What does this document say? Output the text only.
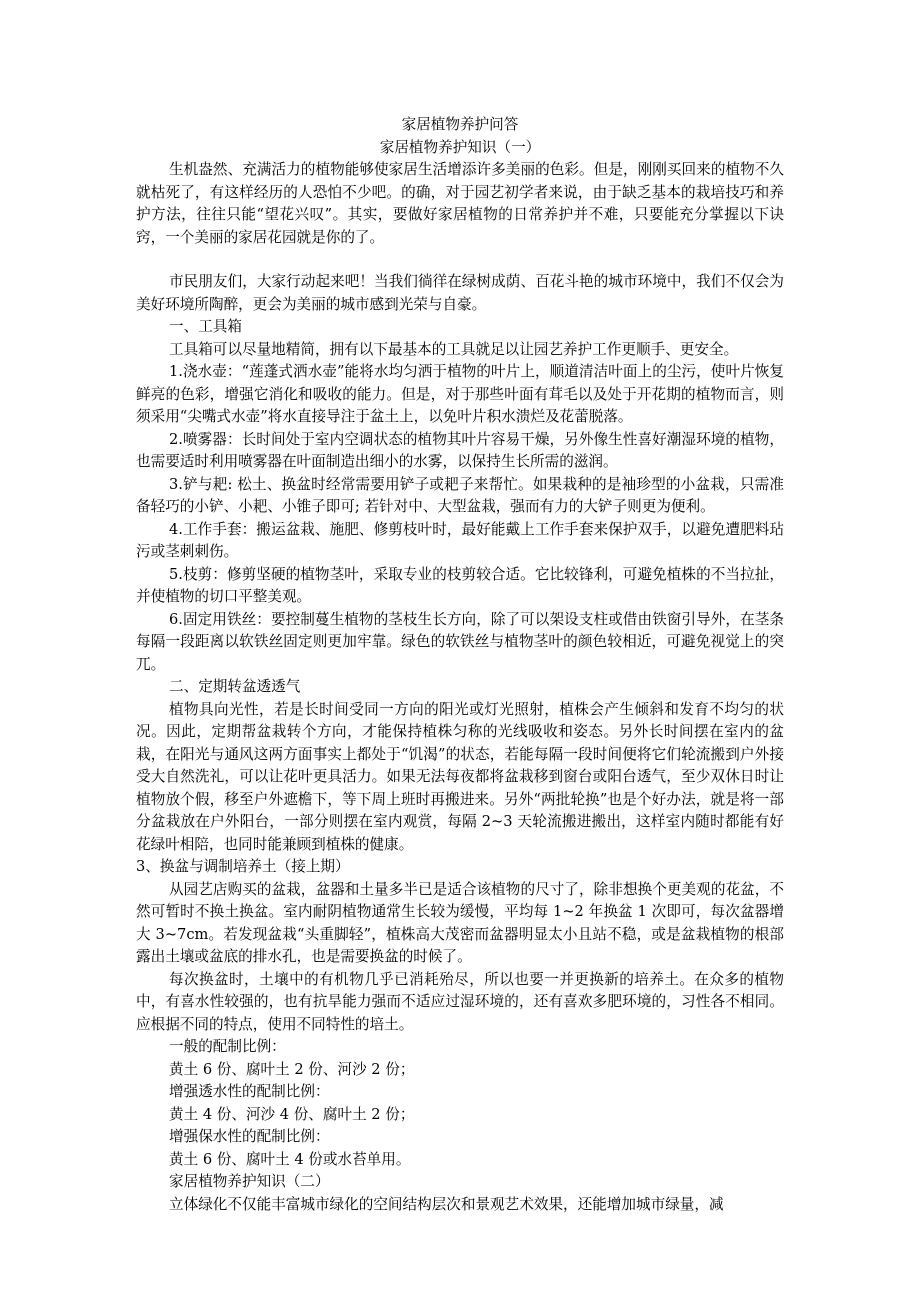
家居植物养护问答

家居植物养护知识（一）

生机盎然、充满活力的植物能够使家居生活增添许多美丽的色彩。但是，刚刚买回来的植物不久就枯死了，有这样经历的人恐怕不少吧。的确，对于园艺初学者来说，由于缺乏基本的栽培技巧和养护方法，往往只能“望花兴叹”。其实，要做好家居植物的日常养护并不难，只要能充分掌握以下诀窍，一个美丽的家居花园就是你的了。

市民朋友们，大家行动起来吧！当我们徜徉在绿树成荫、百花斗艳的城市环境中，我们不仅会为美好环境所陶醉，更会为美丽的城市感到光荣与自豪。

一、工具箱

工具箱可以尽量地精简，拥有以下最基本的工具就足以让园艺养护工作更顺手、更安全。

1.浇水壶：“莲蓬式洒水壶”能将水均匀洒于植物的叶片上，顺道清洁叶面上的尘污，使叶片恢复鲜亮的色彩，增强它消化和吸收的能力。但是，对于那些叶面有茸毛以及处于开花期的植物而言，则须采用“尖嘴式水壶”将水直接导注于盆土上，以免叶片积水溃烂及花蕾脱落。

2.喷雾器：长时间处于室内空调状态的植物其叶片容易干燥，另外像生性喜好潮湿环境的植物，也需要适时利用喷雾器在叶面制造出细小的水雾，以保持生长所需的滋润。

3.铲与耙: 松土、换盆时经常需要用铲子或耙子来帮忙。如果栽种的是袖珍型的小盆栽，只需准备轻巧的小铲、小耙、小锥子即可; 若针对中、大型盆栽，强而有力的大铲子则更为便利。

4.工作手套：搬运盆栽、施肥、修剪枝叶时，最好能戴上工作手套来保护双手，以避免遭肥料玷污或茎刺刺伤。

5.枝剪：修剪坚硬的植物茎叶，采取专业的枝剪较合适。它比较锋利，可避免植株的不当拉扯，并使植物的切口平整美观。

6.固定用铁丝：要控制蔓生植物的茎枝生长方向，除了可以架设支柱或借由铁窗引导外，在茎条每隔一段距离以软铁丝固定则更加牢靠。绿色的软铁丝与植物茎叶的颜色较相近，可避免视觉上的突兀。

二、定期转盆透透气

植物具向光性，若是长时间受同一方向的阳光或灯光照射，植株会产生倾斜和发育不均匀的状况。因此，定期帮盆栽转个方向，才能保持植株匀称的光线吸收和姿态。另外长时间摆在室内的盆栽，在阳光与通风这两方面事实上都处于“饥渴”的状态，若能每隔一段时间便将它们轮流搬到户外接受大自然洗礼，可以让花叶更具活力。如果无法每夜都将盆栽移到窗台或阳台透气，至少双休日时让植物放个假，移至户外遮檐下，等下周上班时再搬进来。另外“两批轮换”也是个好办法，就是将一部分盆栽放在户外阳台，一部分则摆在室内观赏，每隔 2~3 天轮流搬进搬出，这样室内随时都能有好花绿叶相陪，也同时能兼顾到植株的健康。

3、换盆与调制培养土（接上期）

从园艺店购买的盆栽，盆器和土量多半已是适合该植物的尺寸了，除非想换个更美观的花盆，不然可暂时不换土换盆。室内耐阴植物通常生长较为缓慢，平均每 1~2 年换盆 1 次即可，每次盆器增大 3~7cm。若发现盆栽“头重脚轻”，植株高大茂密而盆器明显太小且站不稳，或是盆栽植物的根部露出土壤或盆底的排水孔，也是需要换盆的时候了。

每次换盆时，土壤中的有机物几乎已消耗殆尽，所以也要一并更换新的培养土。在众多的植物中，有喜水性较强的，也有抗旱能力强而不适应过湿环境的，还有喜欢多肥环境的，习性各不相同。应根据不同的特点，使用不同特性的培土。

一般的配制比例：

黄土 6 份、腐叶土 2 份、河沙 2 份；

增强透水性的配制比例：

黄土 4 份、河沙 4 份、腐叶土 2 份；

增强保水性的配制比例：

黄土 6 份、腐叶土 4 份或水苔单用。

家居植物养护知识（二）

立体绿化不仅能丰富城市绿化的空间结构层次和景观艺术效果，还能增加城市绿量，减
